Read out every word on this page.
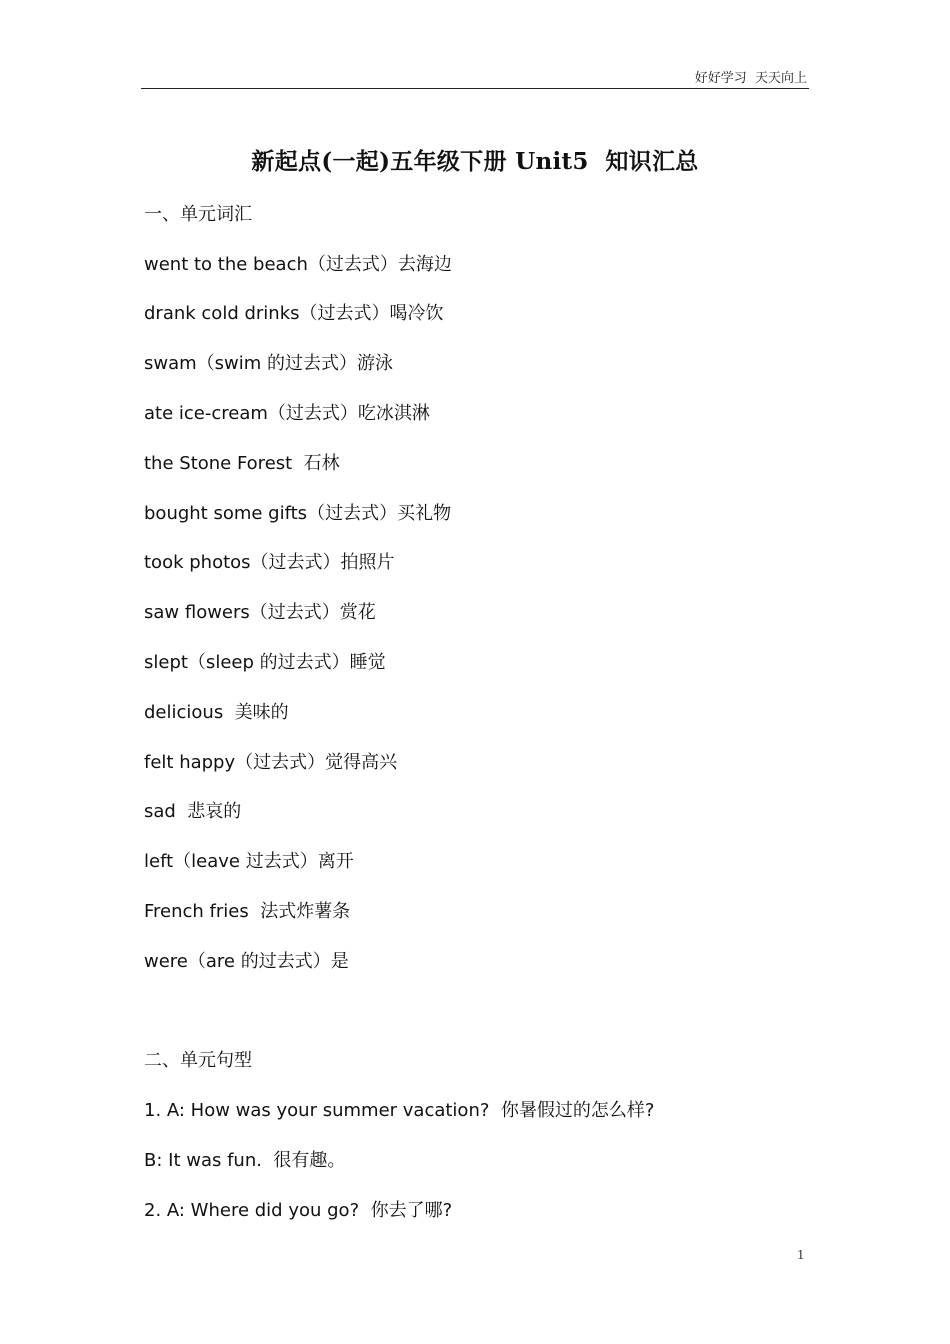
好好学习  天天向上
新起点(一起)五年级下册 Unit5  知识汇总
一、单元词汇
went to the beach（过去式）去海边
drank cold drinks（过去式）喝冷饮
swam（swim 的过去式）游泳
ate ice-cream（过去式）吃冰淇淋
the Stone Forest  石林
bought some gifts（过去式）买礼物
took photos（过去式）拍照片
saw flowers（过去式）赏花
slept（sleep 的过去式）睡觉
delicious  美味的
felt happy（过去式）觉得高兴
sad  悲哀的
left（leave 过去式）离开
French fries  法式炸薯条
were（are 的过去式）是
二、单元句型
1. A: How was your summer vacation?  你暑假过的怎么样?
B: It was fun.  很有趣。
2. A: Where did you go?  你去了哪?
1
